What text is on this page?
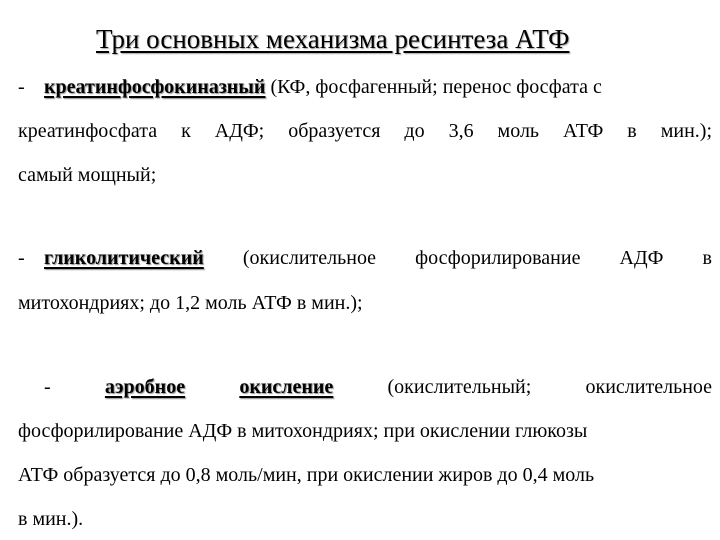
Три основных механизма ресинтеза АТФ
- креатинфосфокиназный (КФ, фосфагенный; перенос фосфата с
креатинфосфата к АДФ; образуется до 3,6 моль АТФ в мин.);
самый мощный;
- гликолитический (окислительное фосфорилирование АДФ в
митохондриях; до 1,2 моль АТФ в мин.);
-	аэробное	окисление	(окислительный;	окислительное
фосфорилирование АДФ в митохондриях; при окислении глюкозы
АТФ образуется до 0,8 моль/мин, при окислении жиров до 0,4 моль
в мин.).
